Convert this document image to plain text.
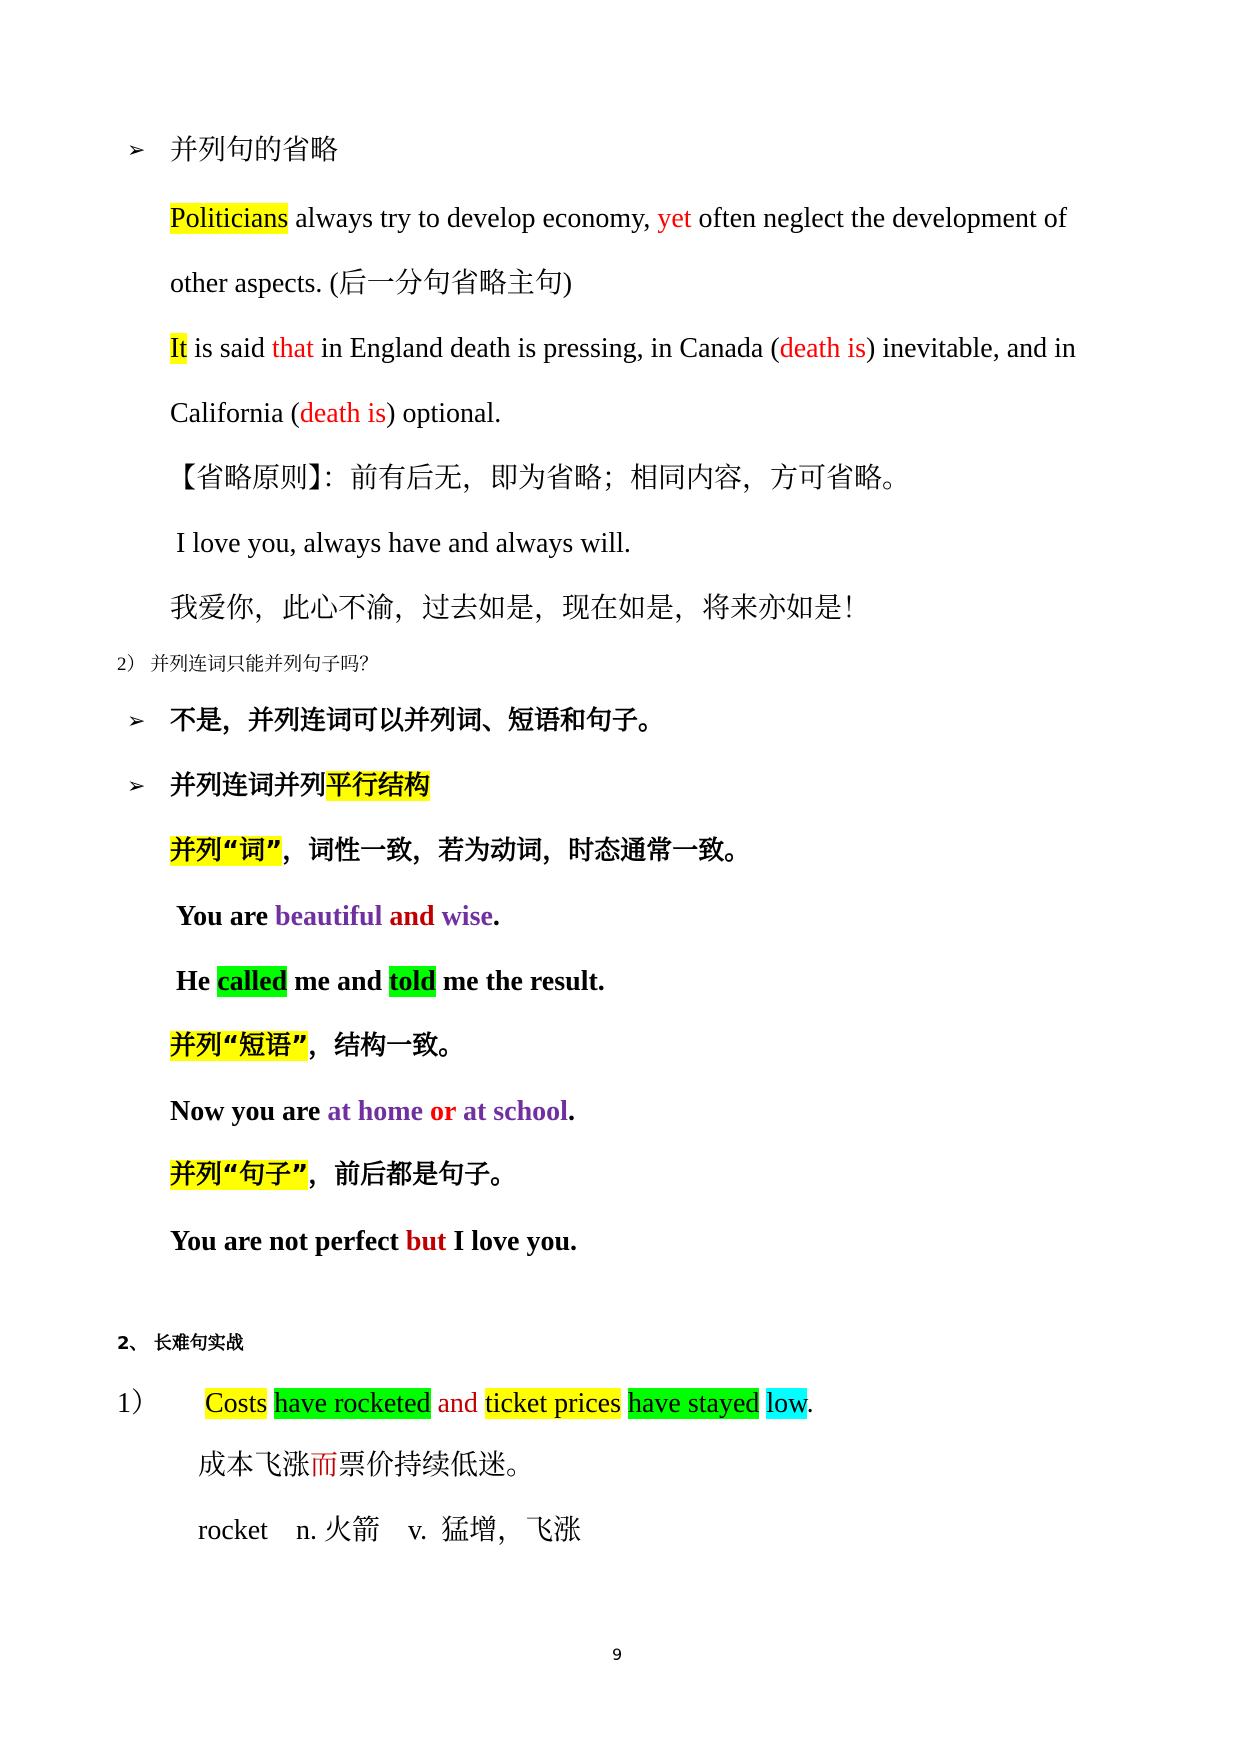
➢ 并列句的省略
Politicians always try to develop economy, yet often neglect the development of
other aspects. (后一分句省略主句)
It is said that in England death is pressing, in Canada (death is) inevitable, and in
California (death is) optional.
【省略原则】：前有后无，即为省略；相同内容，方可省略。
I love you, always have and always will.
我爱你，此心不渝，过去如是，现在如是，将来亦如是！
2） 并列连词只能并列句子吗？
➢ 不是，并列连词可以并列词、短语和句子。
➢ 并列连词并列平行结构
并列“词”，词性一致，若为动词，时态通常一致。
You are beautiful and wise.
He called me and told me the result.
并列“短语”，结构一致。
Now you are at home or at school.
并列“句子”，前后都是句子。
You are not perfect but I love you.
2、 长难句实战
1） Costs have rocketed and ticket prices have stayed low.
成本飞涨而票价持续低迷。
rocket    n. 火箭    v.  猛增，飞涨
9
